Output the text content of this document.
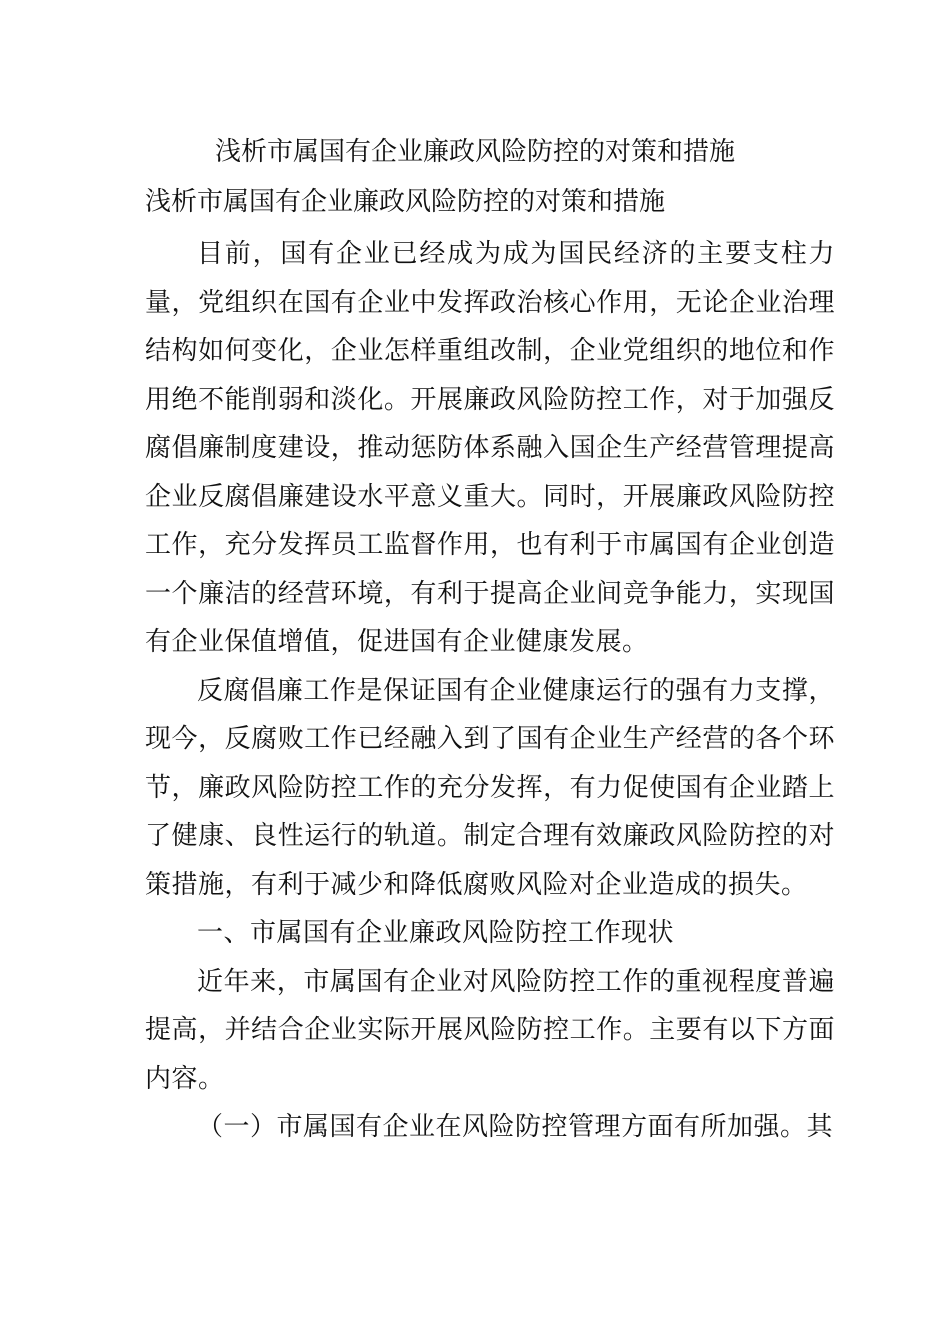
浅析市属国有企业廉政风险防控的对策和措施
浅析市属国有企业廉政风险防控的对策和措施

目前，国有企业已经成为成为国民经济的主要支柱力量，党组织在国有企业中发挥政治核心作用，无论企业治理结构如何变化，企业怎样重组改制，企业党组织的地位和作用绝不能削弱和淡化。开展廉政风险防控工作，对于加强反腐倡廉制度建设，推动惩防体系融入国企生产经营管理提高企业反腐倡廉建设水平意义重大。同时，开展廉政风险防控工作，充分发挥员工监督作用，也有利于市属国有企业创造一个廉洁的经营环境，有利于提高企业间竞争能力，实现国有企业保值增值，促进国有企业健康发展。

反腐倡廉工作是保证国有企业健康运行的强有力支撑，现今，反腐败工作已经融入到了国有企业生产经营的各个环节，廉政风险防控工作的充分发挥，有力促使国有企业踏上了健康、良性运行的轨道。制定合理有效廉政风险防控的对策措施，有利于减少和降低腐败风险对企业造成的损失。

一、市属国有企业廉政风险防控工作现状

近年来，市属国有企业对风险防控工作的重视程度普遍提高，并结合企业实际开展风险防控工作。主要有以下方面内容。

（一）市属国有企业在风险防控管理方面有所加强。其
